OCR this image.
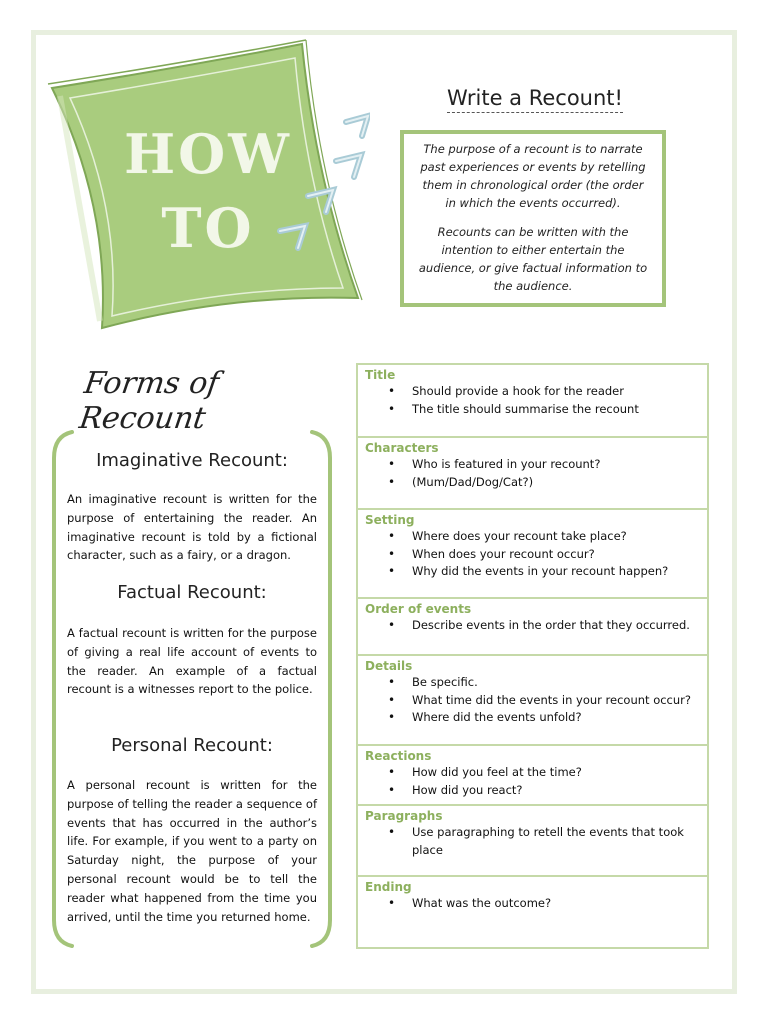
HOW
TO
Write a Recount!

The purpose of a recount is to narrate past experiences or events by retelling them in chronological order (the order in which the events occurred).

Recounts can be written with the intention to either entertain the audience, or give factual information to the audience.

Forms of Recount
Imaginative Recount:
An imaginative recount is written for the purpose of entertaining the reader. An imaginative recount is told by a fictional character, such as a fairy, or a dragon.
Factual Recount:
A factual recount is written for the purpose of giving a real life account of events to the reader. An example of a factual recount is a witnesses report to the police.
Personal Recount:
A personal recount is written for the purpose of telling the reader a sequence of events that has occurred in the author’s life. For example, if you went to a party on Saturday night, the purpose of your personal recount would be to tell the reader what happened from the time you arrived, until the time you returned home.
Title
• Should provide a hook for the reader
• The title should summarise the recount
Characters
• Who is featured in your recount?
• (Mum/Dad/Dog/Cat?)
Setting
• Where does your recount take place?
• When does your recount occur?
• Why did the events in your recount happen?
Order of events
• Describe events in the order that they occurred.
Details
• Be specific.
• What time did the events in your recount occur?
• Where did the events unfold?
Reactions
• How did you feel at the time?
• How did you react?
Paragraphs
• Use paragraphing to retell the events that took place
Ending
• What was the outcome?
